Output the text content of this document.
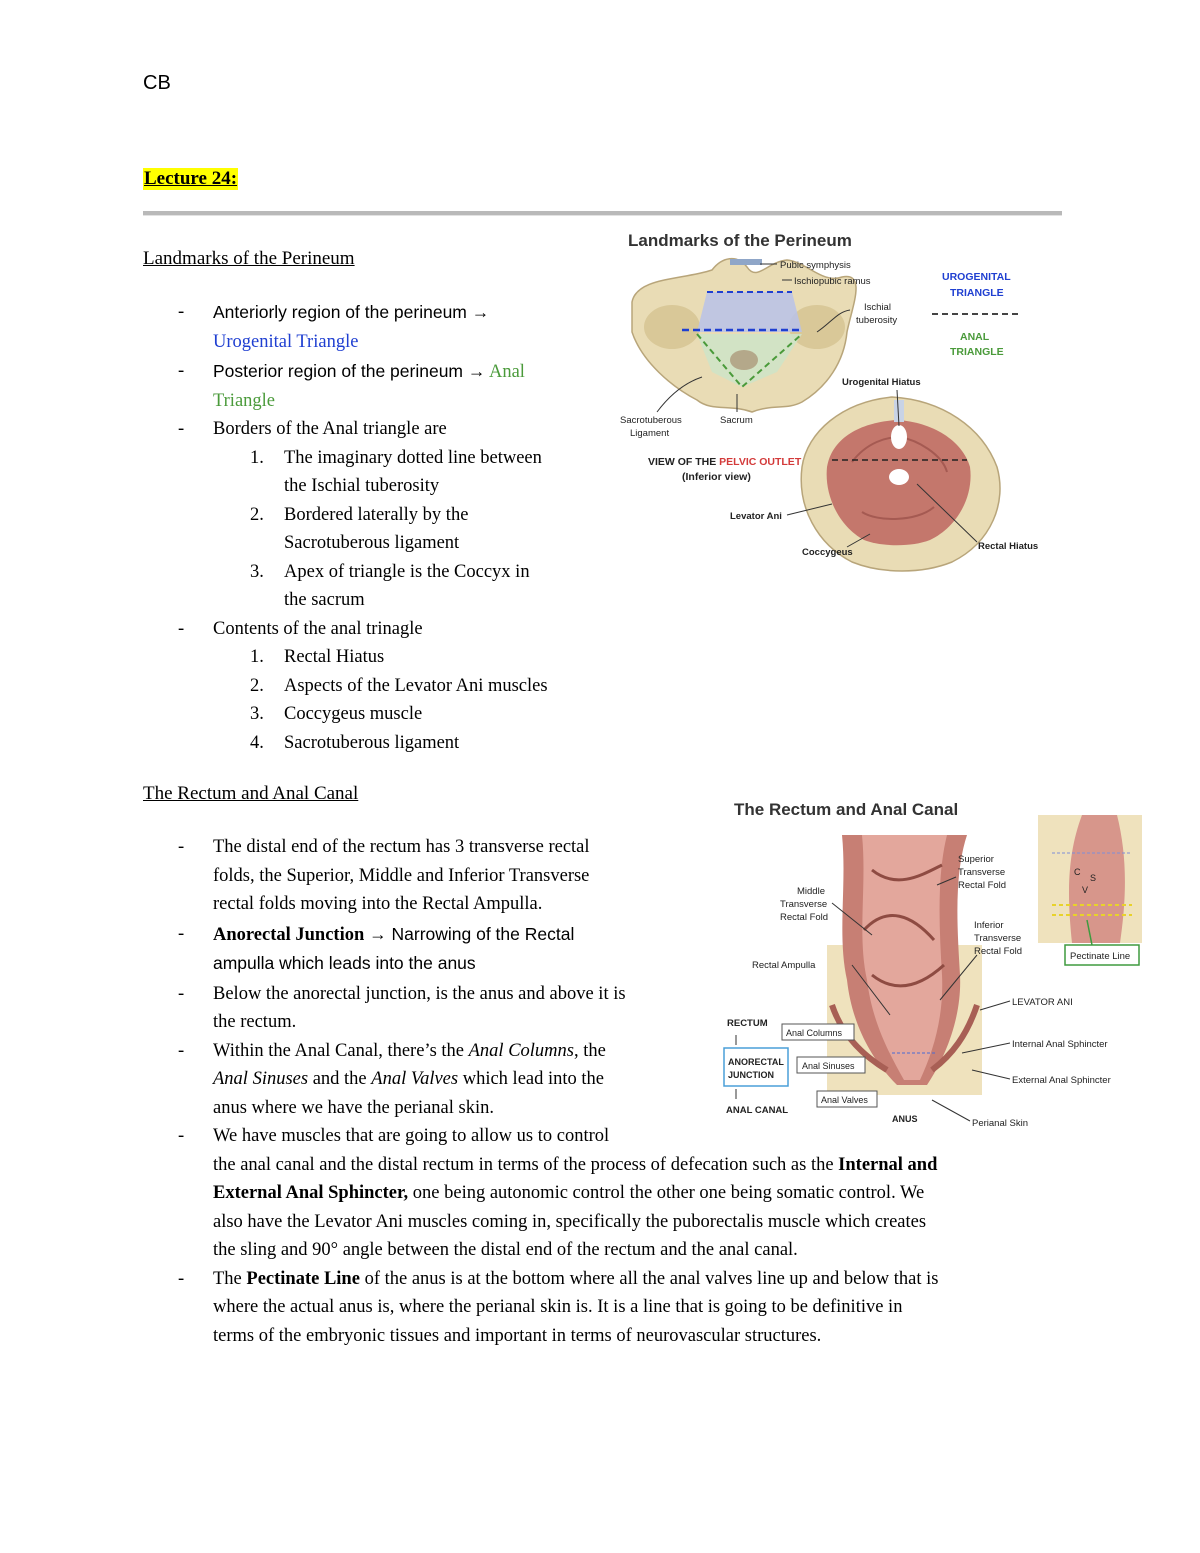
CB
Lecture 24:
Landmarks of the Perineum
- Anteriorly region of the perineum →
Urogenital Triangle
- Posterior region of the perineum → Anal
Triangle
- Borders of the Anal triangle are
1. The imaginary dotted line between
the Ischial tuberosity
2. Bordered laterally by the
Sacrotuberous ligament
3. Apex of triangle is the Coccyx in
the sacrum
- Contents of the anal trinagle
1. Rectal Hiatus
2. Aspects of the Levator Ani muscles
3. Coccygeus muscle
4. Sacrotuberous ligament
Landmarks of the Perineum
Pubic symphysis
Ischiopubic ramus
Ischial
tuberosity
Sacrotuberous
Ligament
Sacrum
UROGENITAL
TRIANGLE
ANAL
TRIANGLE
Urogenital Hiatus
VIEW OF THE PELVIC OUTLET
(Inferior view)
Levator Ani
Coccygeus
Rectal Hiatus
The Rectum and Anal Canal
- The distal end of the rectum has 3 transverse rectal
folds, the Superior, Middle and Inferior Transverse
rectal folds moving into the Rectal Ampulla.
- Anorectal Junction → Narrowing of the Rectal
ampulla which leads into the anus
- Below the anorectal junction, is the anus and above it is
the rectum.
- Within the Anal Canal, there’s the Anal Columns, the
Anal Sinuses and the Anal Valves which lead into the
anus where we have the perianal skin.
- We have muscles that are going to allow us to control
the anal canal and the distal rectum in terms of the process of defecation such as the Internal and
External Anal Sphincter, one being autonomic control the other one being somatic control. We
also have the Levator Ani muscles coming in, specifically the puborectalis muscle which creates
the sling and 90° angle between the distal end of the rectum and the anal canal.
- The Pectinate Line of the anus is at the bottom where all the anal valves line up and below that is
where the actual anus is, where the perianal skin is. It is a line that is going to be definitive in
terms of the embryonic tissues and important in terms of neurovascular structures.
The Rectum and Anal Canal
C
S
V
Pectinate Line
Superior
Transverse
Rectal Fold
Middle
Transverse
Rectal Fold
Inferior
Transverse
Rectal Fold
Rectal Ampulla
LEVATOR ANI
RECTUM
ANORECTAL
JUNCTION
ANAL CANAL
Anal Columns
Anal Sinuses
Anal Valves
ANUS
Internal Anal Sphincter
External Anal Sphincter
Perianal Skin
